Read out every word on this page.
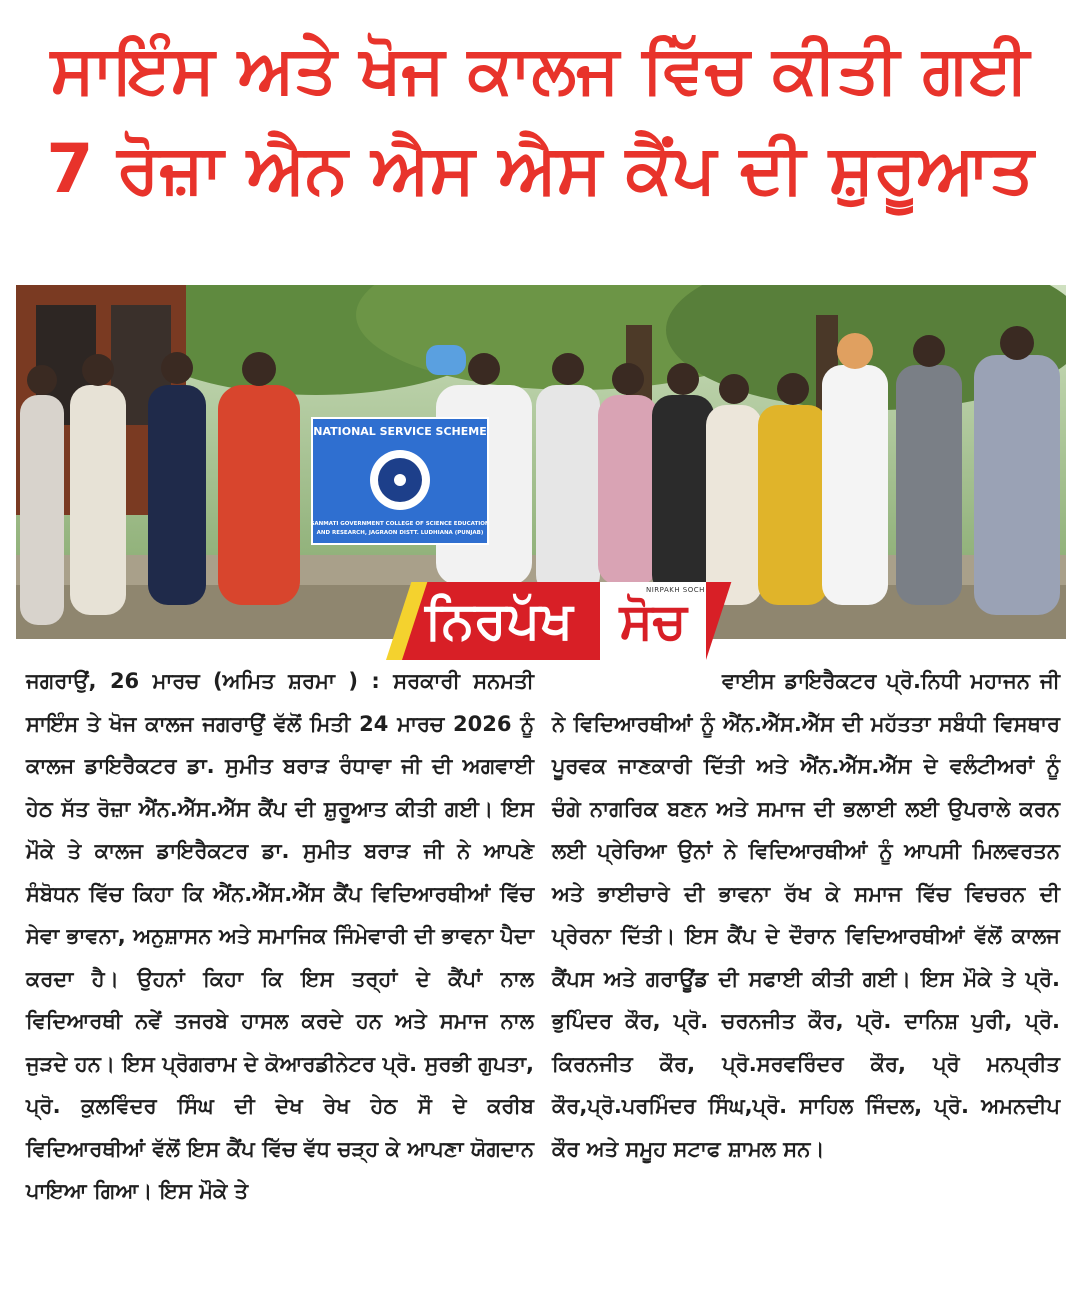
ਸਾਇੰਸ ਅਤੇ ਖੋਜ ਕਾਲਜ ਵਿੱਚ ਕੀਤੀ ਗਈ
7 ਰੋਜ਼ਾ ਐਨ ਐਸ ਐਸ ਕੈਂਪ ਦੀ ਸ਼ੁਰੂਆਤ
NATIONAL SERVICE SCHEME
SANMATI GOVERNMENT COLLEGE OF SCIENCE EDUCATION
AND RESEARCH, JAGRAON DISTT. LUDHIANA (PUNJAB)
ਨਿਰਪੱਖ ਸੋਚ
NIRPAKH SOCH

ਜਗਰਾਉਂ, 26 ਮਾਰਚ (ਅਮਿਤ ਸ਼ਰਮਾ ) : ਸਰਕਾਰੀ ਸਨਮਤੀ ਸਾਇੰਸ ਤੇ ਖੋਜ ਕਾਲਜ ਜਗਰਾਉਂ ਵੱਲੋਂ ਮਿਤੀ 24 ਮਾਰਚ 2026 ਨੂੰ ਕਾਲਜ ਡਾਇਰੈਕਟਰ ਡਾ. ਸੁਮੀਤ ਬਰਾੜ ਰੰਧਾਵਾ ਜੀ ਦੀ ਅਗਵਾਈ ਹੇਠ ਸੱਤ ਰੋਜ਼ਾ ਐਂਨ.ਐੱਸ.ਐੱਸ ਕੈਂਪ ਦੀ ਸ਼ੁਰੂਆਤ ਕੀਤੀ ਗਈ। ਇਸ ਮੌਕੇ ਤੇ ਕਾਲਜ ਡਾਇਰੈਕਟਰ ਡਾ. ਸੁਮੀਤ ਬਰਾੜ ਜੀ ਨੇ ਆਪਣੇ ਸੰਬੋਧਨ ਵਿੱਚ ਕਿਹਾ ਕਿ ਐਂਨ.ਐੱਸ.ਐੱਸ ਕੈਂਪ ਵਿਦਿਆਰਥੀਆਂ ਵਿੱਚ ਸੇਵਾ ਭਾਵਨਾ, ਅਨੁਸ਼ਾਸਨ ਅਤੇ ਸਮਾਜਿਕ ਜਿੰਮੇਵਾਰੀ ਦੀ ਭਾਵਨਾ ਪੈਦਾ ਕਰਦਾ ਹੈ। ਉਹਨਾਂ ਕਿਹਾ ਕਿ ਇਸ ਤਰ੍ਹਾਂ ਦੇ ਕੈਂਪਾਂ ਨਾਲ ਵਿਦਿਆਰਥੀ ਨਵੇਂ ਤਜਰਬੇ ਹਾਸਲ ਕਰਦੇ ਹਨ ਅਤੇ ਸਮਾਜ ਨਾਲ ਜੁੜਦੇ ਹਨ। ਇਸ ਪ੍ਰੋਗਰਾਮ ਦੇ ਕੋਆਰਡੀਨੇਟਰ ਪ੍ਰੋ. ਸੁਰਭੀ ਗੁਪਤਾ, ਪ੍ਰੋ. ਕੁਲਵਿੰਦਰ ਸਿੰਘ ਦੀ ਦੇਖ ਰੇਖ ਹੇਠ ਸੌ ਦੇ ਕਰੀਬ ਵਿਦਿਆਰਥੀਆਂ ਵੱਲੋਂ ਇਸ ਕੈਂਪ ਵਿੱਚ ਵੱਧ ਚੜ੍ਹ ਕੇ ਆਪਣਾ ਯੋਗਦਾਨ ਪਾਇਆ ਗਿਆ। ਇਸ ਮੌਕੇ ਤੇ

ਵਾਈਸ ਡਾਇਰੈਕਟਰ ਪ੍ਰੋ.ਨਿਧੀ ਮਹਾਜਨ ਜੀ ਨੇ ਵਿਦਿਆਰਥੀਆਂ ਨੂੰ ਐਂਨ.ਐੱਸ.ਐੱਸ ਦੀ ਮਹੱਤਤਾ ਸਬੰਧੀ ਵਿਸਥਾਰ ਪੂਰਵਕ ਜਾਣਕਾਰੀ ਦਿੱਤੀ ਅਤੇ ਐਂਨ.ਐੱਸ.ਐੱਸ ਦੇ ਵਲੰਟੀਅਰਾਂ ਨੂੰ ਚੰਗੇ ਨਾਗਰਿਕ ਬਣਨ ਅਤੇ ਸਮਾਜ ਦੀ ਭਲਾਈ ਲਈ ਉਪਰਾਲੇ ਕਰਨ ਲਈ ਪ੍ਰੇਰਿਆ ਉਨਾਂ ਨੇ ਵਿਦਿਆਰਥੀਆਂ ਨੂੰ ਆਪਸੀ ਮਿਲਵਰਤਨ ਅਤੇ ਭਾਈਚਾਰੇ ਦੀ ਭਾਵਨਾ ਰੱਖ ਕੇ ਸਮਾਜ ਵਿੱਚ ਵਿਚਰਨ ਦੀ ਪ੍ਰੇਰਨਾ ਦਿੱਤੀ। ਇਸ ਕੈਂਪ ਦੇ ਦੌਰਾਨ ਵਿਦਿਆਰਥੀਆਂ ਵੱਲੋਂ ਕਾਲਜ ਕੈਂਪਸ ਅਤੇ ਗਰਾਊਂਡ ਦੀ ਸਫਾਈ ਕੀਤੀ ਗਈ। ਇਸ ਮੌਕੇ ਤੇ ਪ੍ਰੋ. ਭੁਪਿੰਦਰ ਕੌਰ, ਪ੍ਰੋ. ਚਰਨਜੀਤ ਕੌਰ, ਪ੍ਰੋ. ਦਾਨਿਸ਼ ਪੁਰੀ, ਪ੍ਰੋ. ਕਿਰਨਜੀਤ ਕੌਰ, ਪ੍ਰੋ.ਸਰਵਰਿੰਦਰ ਕੌਰ, ਪ੍ਰੋ ਮਨਪ੍ਰੀਤ ਕੌਰ,ਪ੍ਰੋ.ਪਰਮਿੰਦਰ ਸਿੰਘ,ਪ੍ਰੋ. ਸਾਹਿਲ ਜਿੰਦਲ, ਪ੍ਰੋ. ਅਮਨਦੀਪ ਕੌਰ ਅਤੇ ਸਮੂਹ ਸਟਾਫ ਸ਼ਾਮਲ ਸਨ।
